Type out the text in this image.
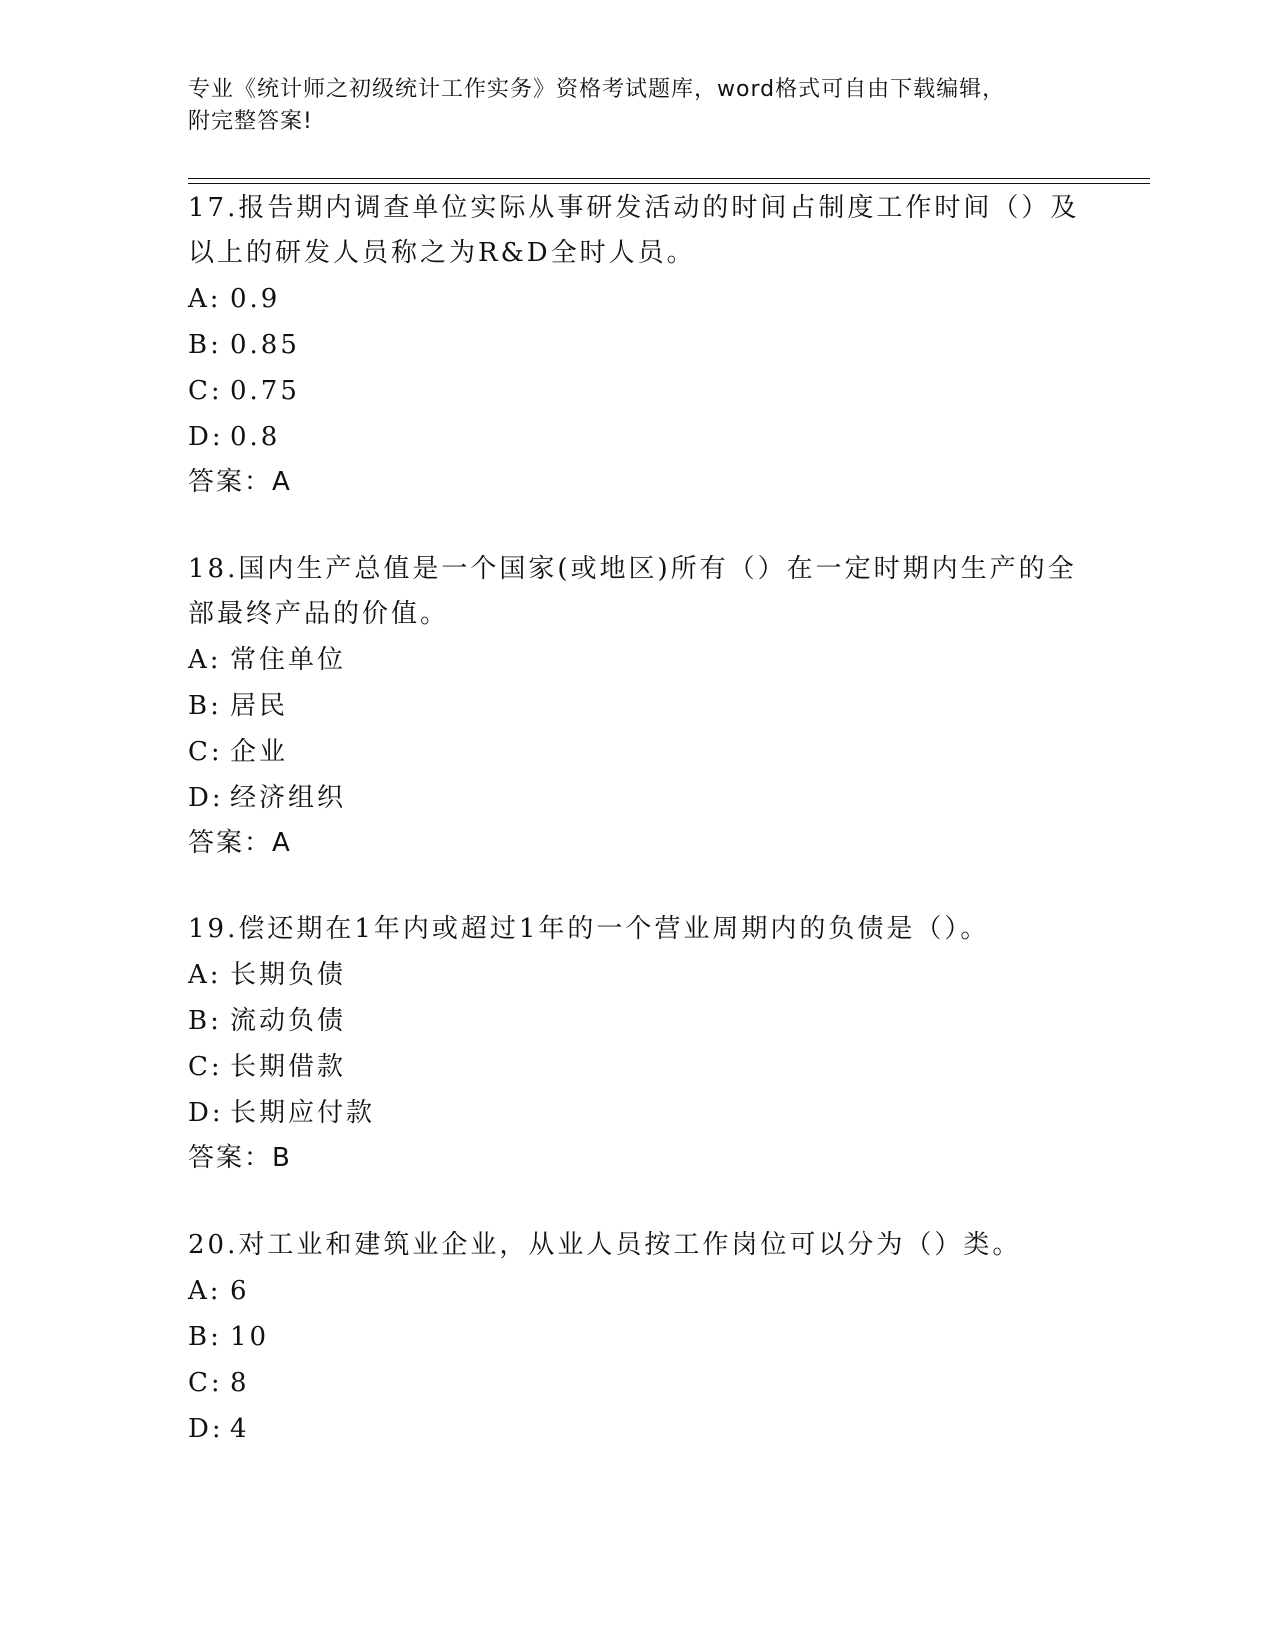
专业《统计师之初级统计工作实务》资格考试题库，word格式可自由下载编辑，

附完整答案!

17.报告期内调查单位实际从事研发活动的时间占制度工作时间（）及

以上的研发人员称之为R&D全时人员。

A: 0.9

B: 0.85

C: 0.75

D: 0.8

答案：A

18.国内生产总值是一个国家(或地区)所有（）在一定时期内生产的全

部最终产品的价值。

A: 常住单位

B: 居民

C: 企业

D: 经济组织

答案：A

19.偿还期在1年内或超过1年的一个营业周期内的负债是（）。

A: 长期负债

B: 流动负债

C: 长期借款

D: 长期应付款

答案：B

20.对工业和建筑业企业，从业人员按工作岗位可以分为（）类。

A: 6

B: 10

C: 8

D: 4
